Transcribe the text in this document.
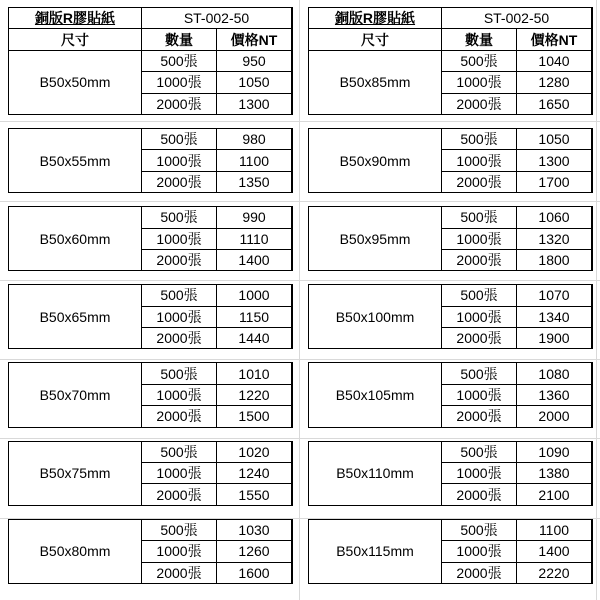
銅版R膠貼紙	ST-002-50
尺寸	數量	價格NT
B50x50mm
500張	950
1000張	1050
2000張	1300
B50x55mm
500張	980
1000張	1100
2000張	1350
B50x60mm
500張	990
1000張	1110
2000張	1400
B50x65mm
500張	1000
1000張	1150
2000張	1440
B50x70mm
500張	1010
1000張	1220
2000張	1500
B50x75mm
500張	1020
1000張	1240
2000張	1550
B50x80mm
500張	1030
1000張	1260
2000張	1600
銅版R膠貼紙	ST-002-50
尺寸	數量	價格NT
B50x85mm
500張	1040
1000張	1280
2000張	1650
B50x90mm
500張	1050
1000張	1300
2000張	1700
B50x95mm
500張	1060
1000張	1320
2000張	1800
B50x100mm
500張	1070
1000張	1340
2000張	1900
B50x105mm
500張	1080
1000張	1360
2000張	2000
B50x110mm
500張	1090
1000張	1380
2000張	2100
B50x115mm
500張	1100
1000張	1400
2000張	2220
